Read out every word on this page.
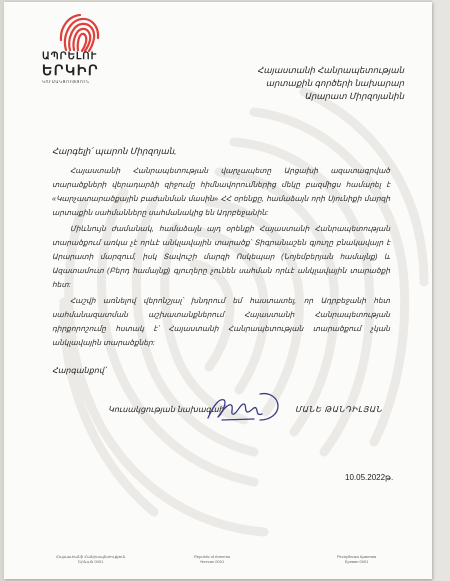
ԱՊՐԵԼՈՒ
ԵՐԿԻՐ
ԿՈՒՍԱԿՑՈՒԹՅՈՒՆ
Հայաստանի Հանրապետության
արտաքին գործերի նախարար
Արարատ Միրզոյանին
Հարգելի՛ պարոն Միրզոյան,

Հայաստանի Հանրապետության վարչապետը Արցախի ազատագրված տարածքների վերադարձի զիջումը հիմնավորումներից մեկը բազմիցս համարել է «Կարչատարածքային բաժանման մասին» ՀՀ օրենքը, համաձայն որի Սյունիքի մարզի արտաքին սահմանները սահմանակից են Ադրբեջանին:

Միևնույն ժամանակ, համաձայն այդ օրենքի Հայաստանի Հանրապետության տարածքում առկա չէ որևէ անկլավային տարածք՝ Տիգրանաշեն գյուղը բնակավայր է Արարատի մարզում, իսկ Տավուշի մարզի Ոսկեպար (Նոյեմբերյան համայնք) և Ազատամուտ (Բերդ համայնք) գյուղերը չունեն սահման որևէ անկլավային տարածքի հետ:

Հաշվի առնելով վերոնշյալ՝ խնդրում եմ հաստատել, որ Ադրբեջանի հետ սահմանազատման աշխատանքներում Հայաստանի Հանրապետության դիրքորոշումը հստակ է՝ Հայաստանի Հանրապետության տարածքում չկան անկլավային տարածքներ:

Հարգանքով՝
Կուսակցության նախագահ՝	ՄԱՆԵ ԹԱՆԴԻԼՅԱՆ
10.05.2022թ.
Հայաստանի Հանրապետություն
Երևան 0001
Republic of Armenia
Yerevan 0001
Республика Армения
Ереван 0001
